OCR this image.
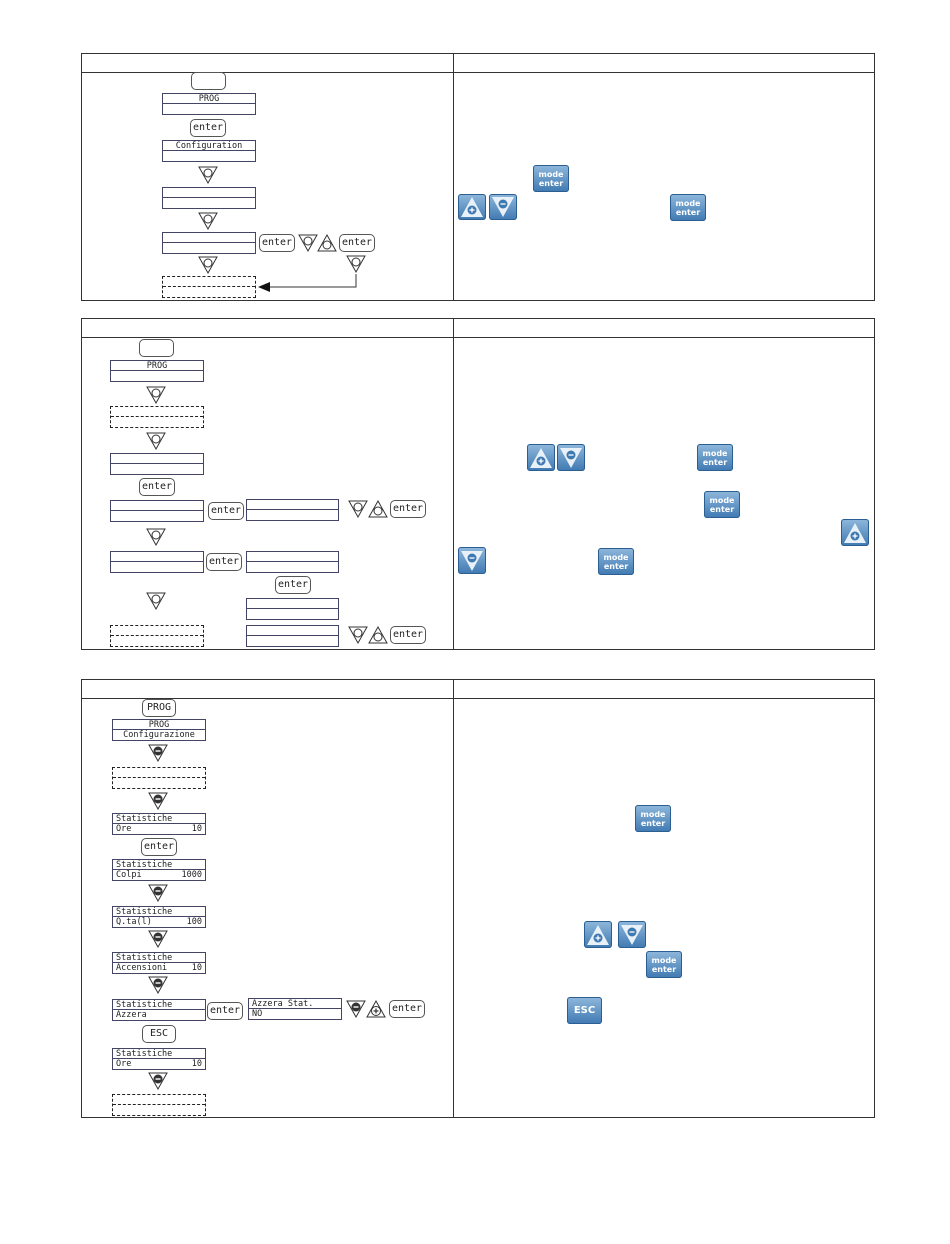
PROG
enter
Configuration
enter	enter
mode
enter
mode
enter
PROG
enter
enter	enter
enter
enter
enter
mode
enter
mode
enter
mode
enter
PROG
PROG
Configurazione
Statistiche
Ore	10
enter
Statistiche
Colpi	1000
Statistiche
Q.ta(l)	100
Statistiche
Accensioni	10
Statistiche
Azzera	enter
Azzera Stat.
NO	enter
ESC
Statistiche
Ore	10
mode
enter
mode
enter
ESC
